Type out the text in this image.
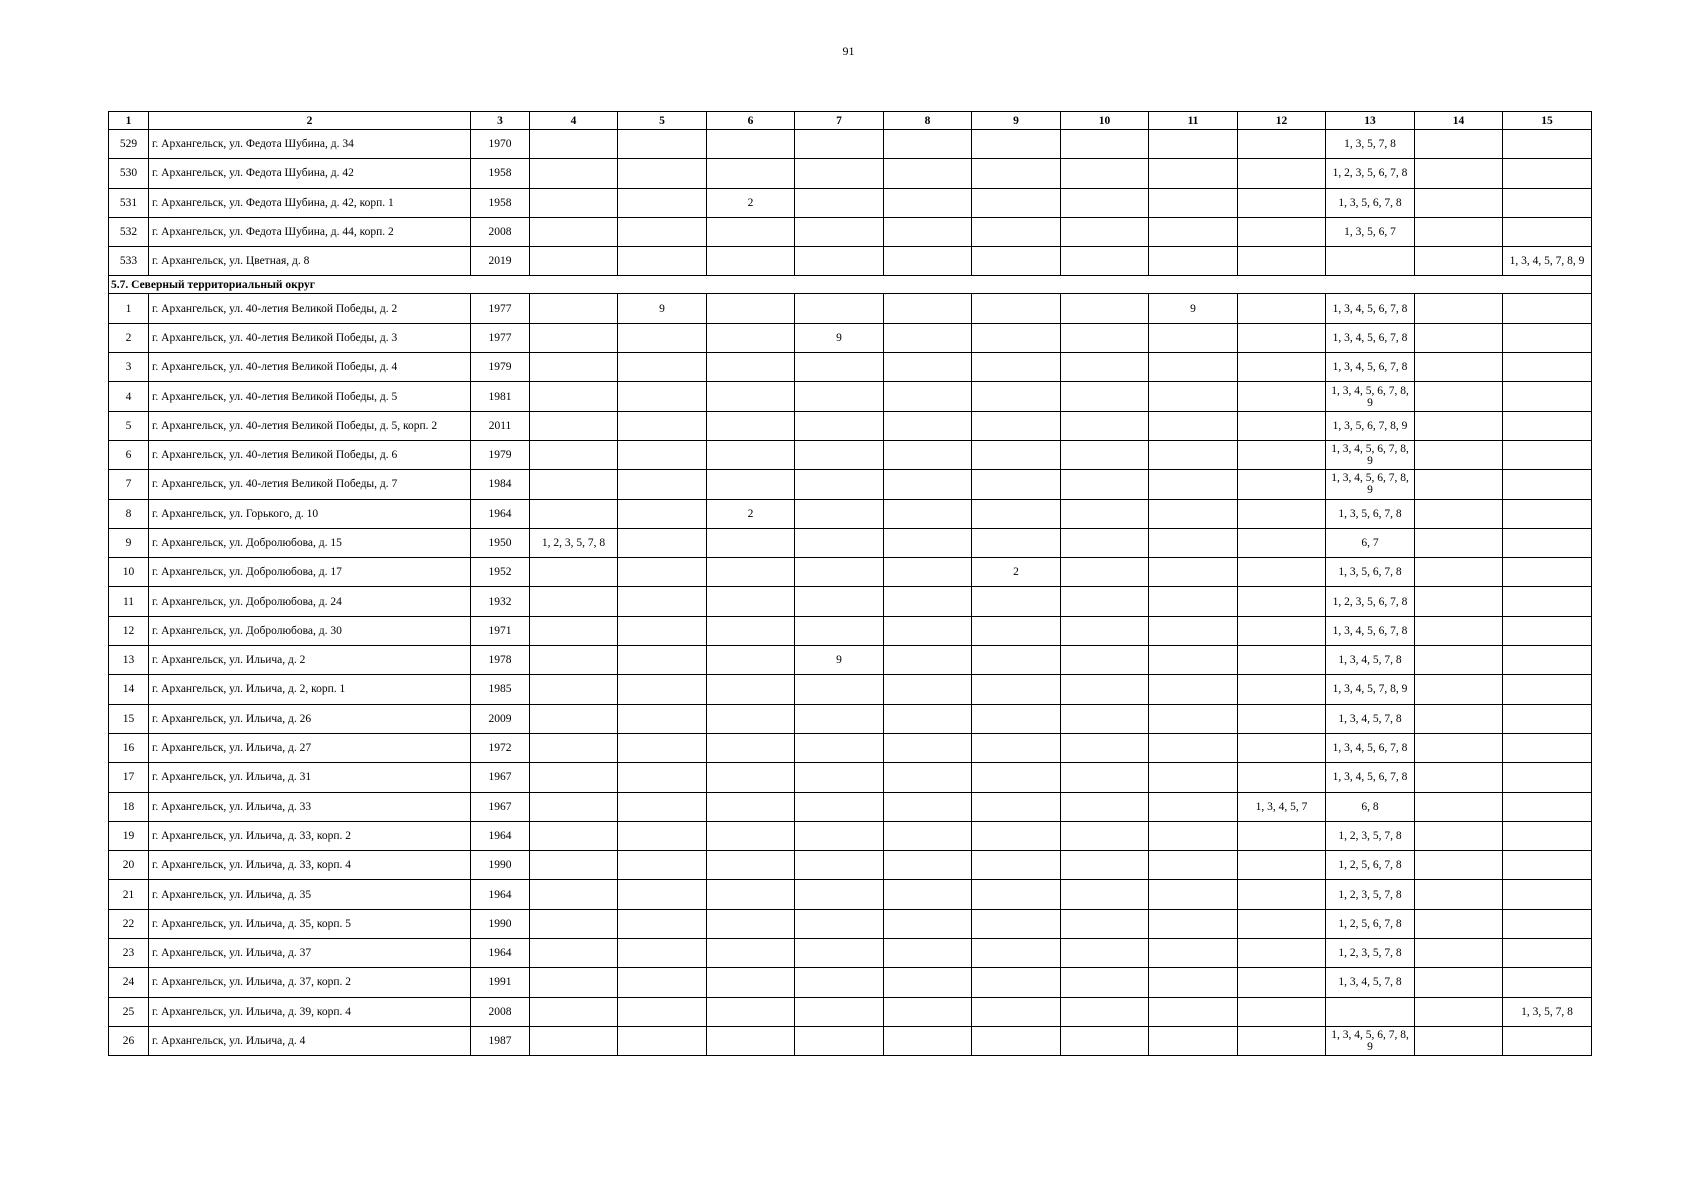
91
1	2	3	4	5	6	7	8	9	10	11	12	13	14	15
529	г. Архангельск, ул. Федота Шубина, д. 34	1970										1, 3, 5, 7, 8		
530	г. Архангельск, ул. Федота Шубина, д. 42	1958										1, 2, 3, 5, 6, 7, 8		
531	г. Архангельск, ул. Федота Шубина, д. 42, корп. 1	1958			2							1, 3, 5, 6, 7, 8		
532	г. Архангельск, ул. Федота Шубина, д. 44, корп. 2	2008										1, 3, 5, 6, 7		
533	г. Архангельск, ул. Цветная, д. 8	2019												1, 3, 4, 5, 7, 8, 9
5.7. Северный территориальный округ														
1	г. Архангельск, ул. 40-летия Великой Победы, д. 2	1977		9						9		1, 3, 4, 5, 6, 7, 8		
2	г. Архангельск, ул. 40-летия Великой Победы, д. 3	1977				9						1, 3, 4, 5, 6, 7, 8		
3	г. Архангельск, ул. 40-летия Великой Победы, д. 4	1979										1, 3, 4, 5, 6, 7, 8		
4	г. Архангельск, ул. 40-летия Великой Победы, д. 5	1981										1, 3, 4, 5, 6, 7, 8, 9		
5	г. Архангельск, ул. 40-летия Великой Победы, д. 5, корп. 2	2011										1, 3, 5, 6, 7, 8, 9		
6	г. Архангельск, ул. 40-летия Великой Победы, д. 6	1979										1, 3, 4, 5, 6, 7, 8, 9		
7	г. Архангельск, ул. 40-летия Великой Победы, д. 7	1984										1, 3, 4, 5, 6, 7, 8, 9		
8	г. Архангельск, ул. Горького, д. 10	1964			2							1, 3, 5, 6, 7, 8		
9	г. Архангельск, ул. Добролюбова, д. 15	1950	1, 2, 3, 5, 7, 8									6, 7		
10	г. Архангельск, ул. Добролюбова, д. 17	1952						2				1, 3, 5, 6, 7, 8		
11	г. Архангельск, ул. Добролюбова, д. 24	1932										1, 2, 3, 5, 6, 7, 8		
12	г. Архангельск, ул. Добролюбова, д. 30	1971										1, 3, 4, 5, 6, 7, 8		
13	г. Архангельск, ул. Ильича, д. 2	1978				9						1, 3, 4, 5, 7, 8		
14	г. Архангельск, ул. Ильича, д. 2, корп. 1	1985										1, 3, 4, 5, 7, 8, 9		
15	г. Архангельск, ул. Ильича, д. 26	2009										1, 3, 4, 5, 7, 8		
16	г. Архангельск, ул. Ильича, д. 27	1972										1, 3, 4, 5, 6, 7, 8		
17	г. Архангельск, ул. Ильича, д. 31	1967										1, 3, 4, 5, 6, 7, 8		
18	г. Архангельск, ул. Ильича, д. 33	1967									1, 3, 4, 5, 7	6, 8		
19	г. Архангельск, ул. Ильича, д. 33, корп. 2	1964										1, 2, 3, 5, 7, 8		
20	г. Архангельск, ул. Ильича, д. 33, корп. 4	1990										1, 2, 5, 6, 7, 8		
21	г. Архангельск, ул. Ильича, д. 35	1964										1, 2, 3, 5, 7, 8		
22	г. Архангельск, ул. Ильича, д. 35, корп. 5	1990										1, 2, 5, 6, 7, 8		
23	г. Архангельск, ул. Ильича, д. 37	1964										1, 2, 3, 5, 7, 8		
24	г. Архангельск, ул. Ильича, д. 37, корп. 2	1991										1, 3, 4, 5, 7, 8		
25	г. Архангельск, ул. Ильича, д. 39, корп. 4	2008												1, 3, 5, 7, 8
26	г. Архангельск, ул. Ильича, д. 4	1987										1, 3, 4, 5, 6, 7, 8, 9		
